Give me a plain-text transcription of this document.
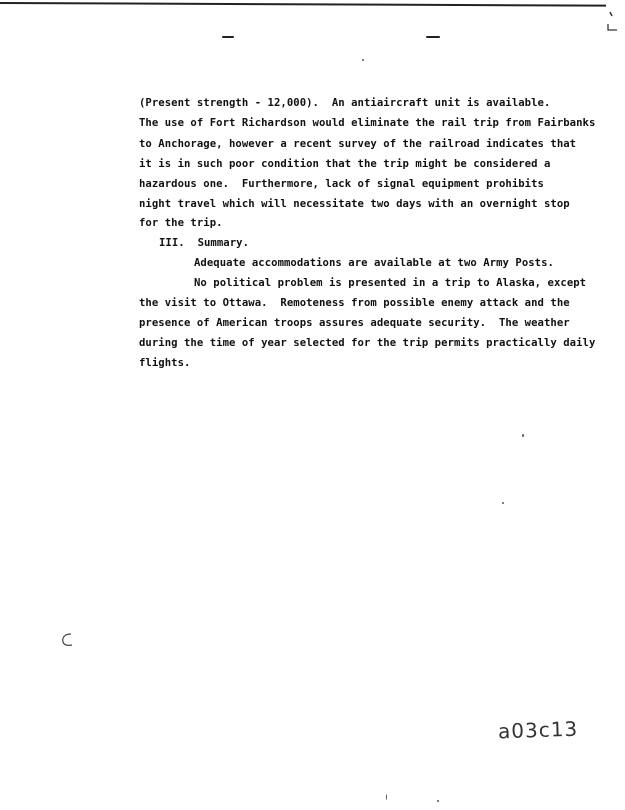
(Present strength - 12,000).  An antiaircraft unit is available.
The use of Fort Richardson would eliminate the rail trip from Fairbanks
to Anchorage, however a recent survey of the railroad indicates that
it is in such poor condition that the trip might be considered a
hazardous one.  Furthermore, lack of signal equipment prohibits
night travel which will necessitate two days with an overnight stop
for the trip.
III.  Summary.
Adequate accommodations are available at two Army Posts.
No political problem is presented in a trip to Alaska, except
the visit to Ottawa.  Remoteness from possible enemy attack and the
presence of American troops assures adequate security.  The weather
during the time of year selected for the trip permits practically daily
flights.
a03c13
